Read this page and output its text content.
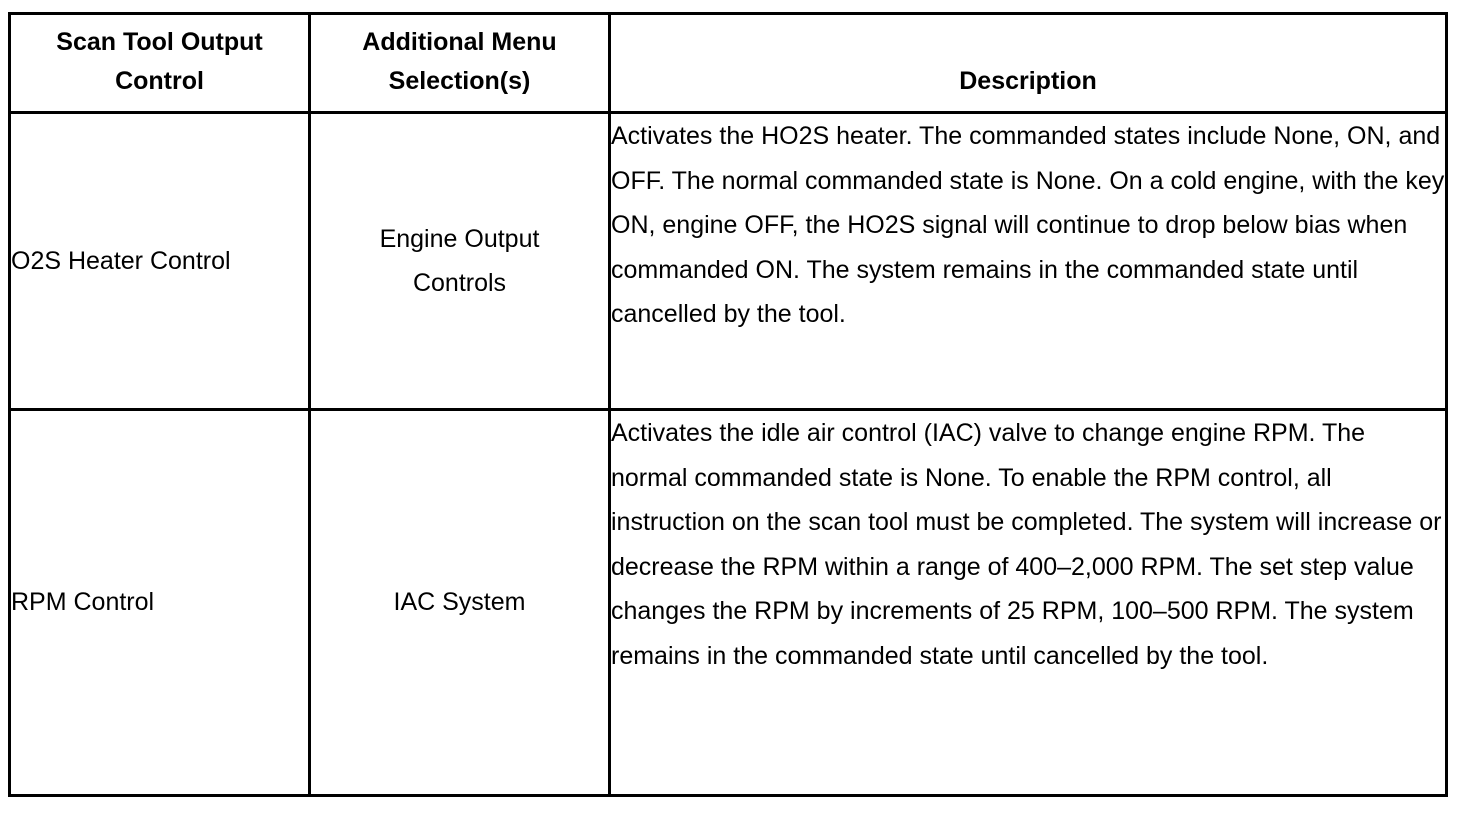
Scan Tool Output Control	Additional Menu Selection(s)	Description
O2S Heater Control	Engine Output Controls	Activates the HO2S heater. The commanded states include None, ON, and OFF. The normal commanded state is None. On a cold engine, with the key ON, engine OFF, the HO2S signal will continue to drop below bias when commanded ON. The system remains in the commanded state until cancelled by the tool.
RPM Control	IAC System	Activates the idle air control (IAC) valve to change engine RPM. The normal commanded state is None. To enable the RPM control, all instruction on the scan tool must be completed. The system will increase or decrease the RPM within a range of 400–2,000 RPM. The set step value changes the RPM by increments of 25 RPM, 100–500 RPM. The system remains in the commanded state until cancelled by the tool.
